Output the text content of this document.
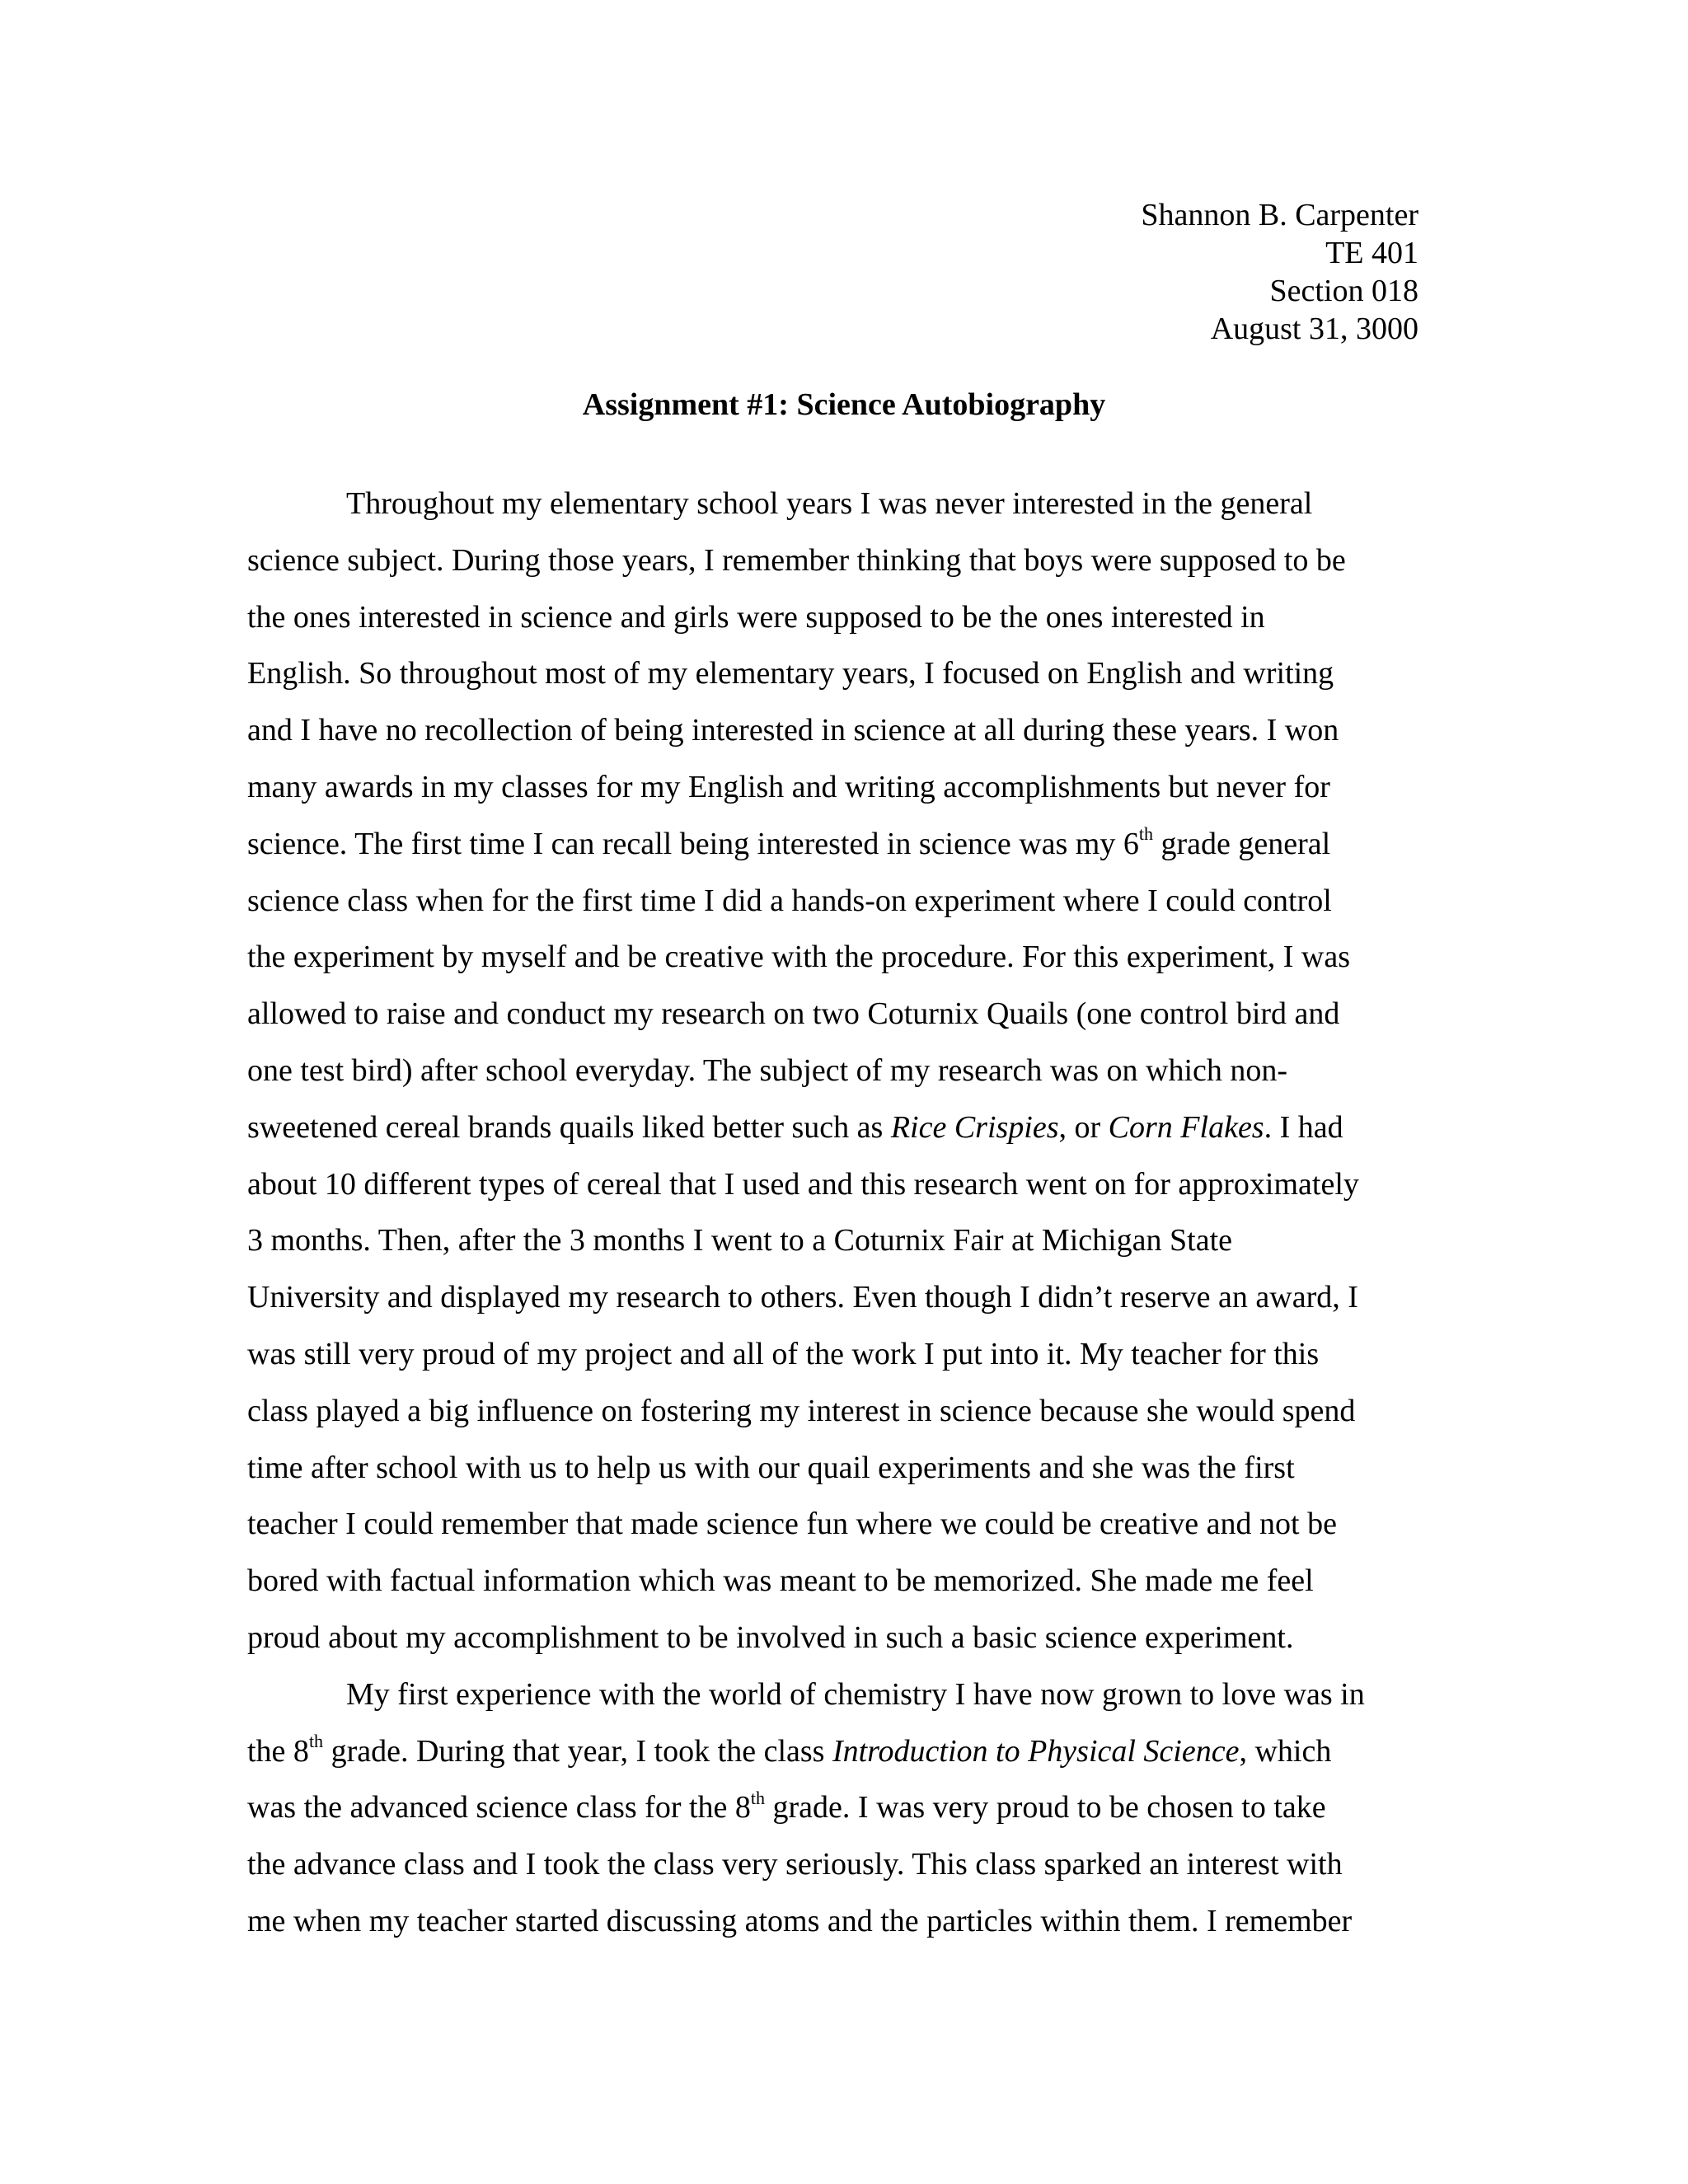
Shannon B. Carpenter
TE 401
Section 018
August 31, 3000
Assignment #1: Science Autobiography
Throughout my elementary school years I was never interested in the general
science subject. During those years, I remember thinking that boys were supposed to be
the ones interested in science and girls were supposed to be the ones interested in
English. So throughout most of my elementary years, I focused on English and writing
and I have no recollection of being interested in science at all during these years. I won
many awards in my classes for my English and writing accomplishments but never for
science. The first time I can recall being interested in science was my 6th grade general
science class when for the first time I did a hands-on experiment where I could control
the experiment by myself and be creative with the procedure. For this experiment, I was
allowed to raise and conduct my research on two Coturnix Quails (one control bird and
one test bird) after school everyday. The subject of my research was on which non-
sweetened cereal brands quails liked better such as Rice Crispies, or Corn Flakes. I had
about 10 different types of cereal that I used and this research went on for approximately
3 months. Then, after the 3 months I went to a Coturnix Fair at Michigan State
University and displayed my research to others. Even though I didn’t reserve an award, I
was still very proud of my project and all of the work I put into it. My teacher for this
class played a big influence on fostering my interest in science because she would spend
time after school with us to help us with our quail experiments and she was the first
teacher I could remember that made science fun where we could be creative and not be
bored with factual information which was meant to be memorized. She made me feel
proud about my accomplishment to be involved in such a basic science experiment.
My first experience with the world of chemistry I have now grown to love was in
the 8th grade. During that year, I took the class Introduction to Physical Science, which
was the advanced science class for the 8th grade. I was very proud to be chosen to take
the advance class and I took the class very seriously. This class sparked an interest with
me when my teacher started discussing atoms and the particles within them. I remember
